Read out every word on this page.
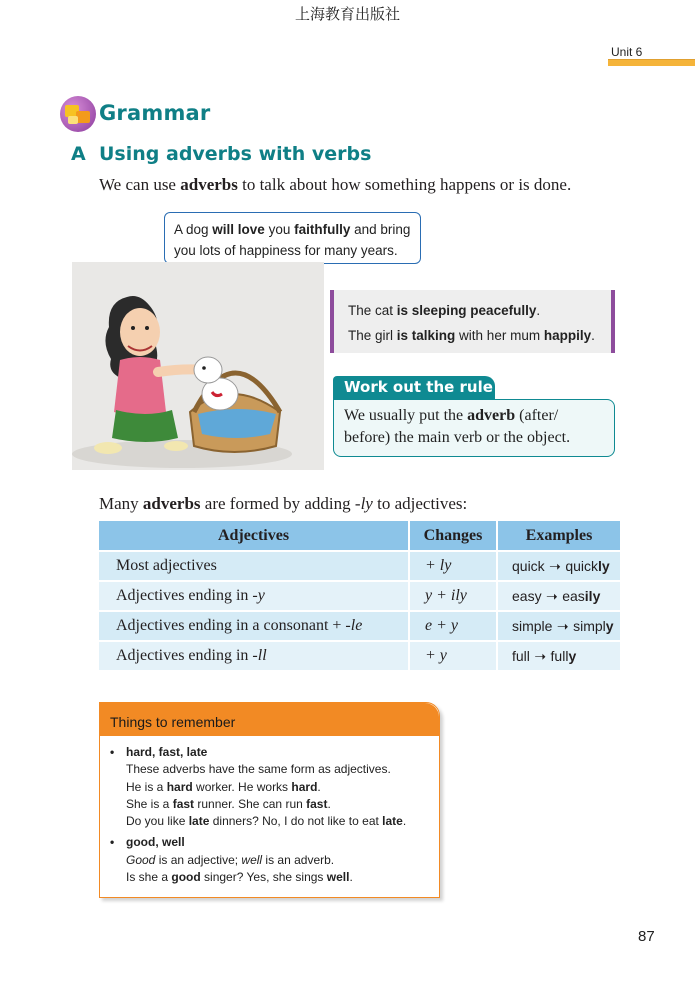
上海教育出版社
Unit 6
Grammar
A Using adverbs with verbs
We can use adverbs to talk about how something happens or is done.
A dog will love you faithfully and bring
you lots of happiness for many years.
The cat is sleeping peacefully.
The girl is talking with her mum happily.
Work out the rule
We usually put the adverb (after/
before) the main verb or the object.
Many adverbs are formed by adding -ly to adjectives:
Adjectives	Changes	Examples
Most adjectives	+ ly	quick ➝ quickly
Adjectives ending in -y	y + ily	easy ➝ easily
Adjectives ending in a consonant + -le	e + y	simple ➝ simply
Adjectives ending in -ll	+ y	full ➝ fully
Things to remember
• hard, fast, late
These adverbs have the same form as adjectives.
He is a hard worker. He works hard.
She is a fast runner. She can run fast.
Do you like late dinners? No, I do not like to eat late.
• good, well
Good is an adjective; well is an adverb.
Is she a good singer? Yes, she sings well.
87
